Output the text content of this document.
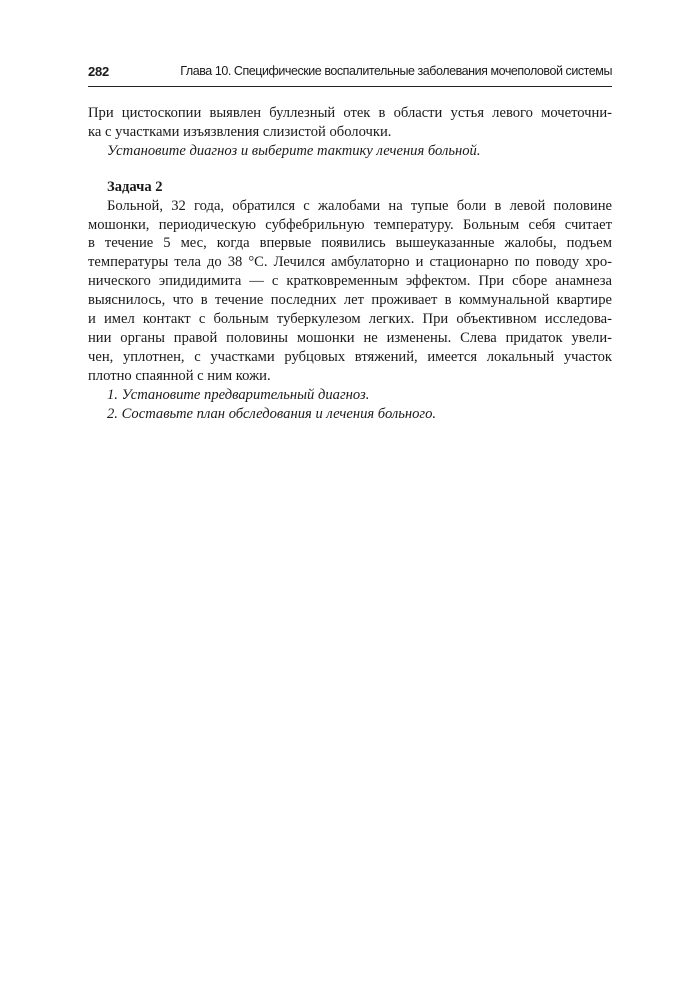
282	Глава 10. Специфические воспалительные заболевания мочеполовой системы
При цистоскопии выявлен буллезный отек в области устья левого мочеточни-
ка с участками изъязвления слизистой оболочки.
Установите диагноз и выберите тактику лечения больной.
Задача 2
Больной, 32 года, обратился с жалобами на тупые боли в левой половине
мошонки, периодическую субфебрильную температуру. Больным себя считает
в течение 5 мес, когда впервые появились вышеуказанные жалобы, подъем
температуры тела до 38 °С. Лечился амбулаторно и стационарно по поводу хро-
нического эпидидимита — с кратковременным эффектом. При сборе анамнеза
выяснилось, что в течение последних лет проживает в коммунальной квартире
и имел контакт с больным туберкулезом легких. При объективном исследова-
нии органы правой половины мошонки не изменены. Слева придаток увели-
чен, уплотнен, с участками рубцовых втяжений, имеется локальный участок
плотно спаянной с ним кожи.
1. Установите предварительный диагноз.
2. Составьте план обследования и лечения больного.
